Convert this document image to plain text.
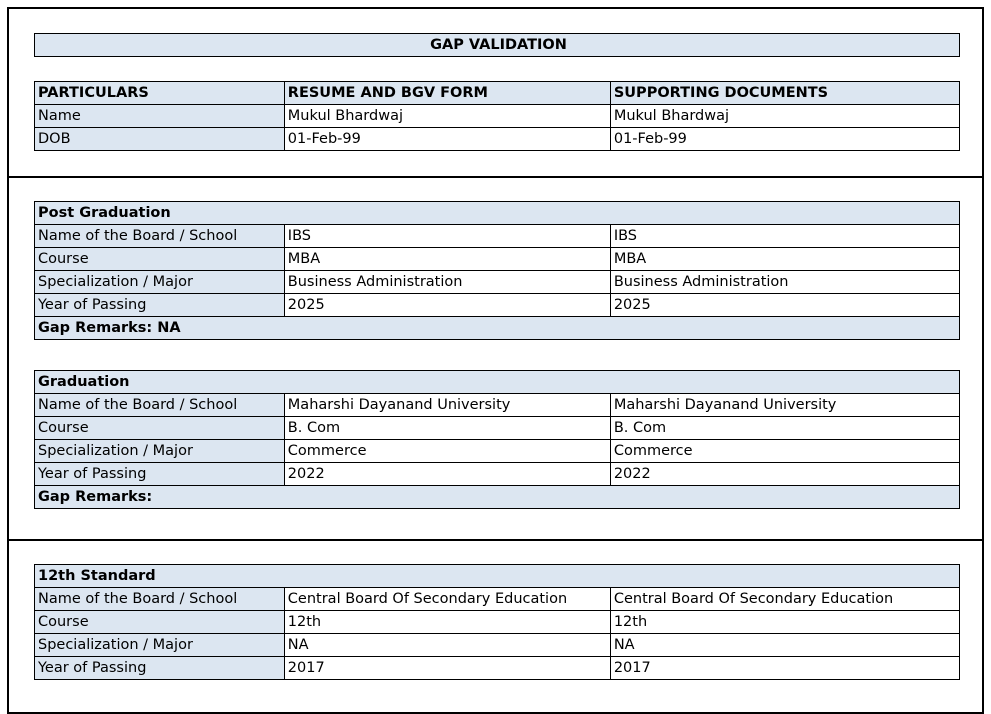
GAP VALIDATION
PARTICULARS	RESUME AND BGV FORM	SUPPORTING DOCUMENTS
Name	Mukul Bhardwaj	Mukul Bhardwaj
DOB	01-Feb-99	01-Feb-99
Post Graduation		
Name of the Board / School	IBS	IBS
Course	MBA	MBA
Specialization / Major	Business Administration	Business Administration
Year of Passing	2025	2025
Gap Remarks: NA		
Graduation		
Name of the Board / School	Maharshi Dayanand University	Maharshi Dayanand University
Course	B. Com	B. Com
Specialization / Major	Commerce	Commerce
Year of Passing	2022	2022
Gap Remarks:		
12th Standard		
Name of the Board / School	Central Board Of Secondary Education	Central Board Of Secondary Education
Course	12th	12th
Specialization / Major	NA	NA
Year of Passing	2017	2017
